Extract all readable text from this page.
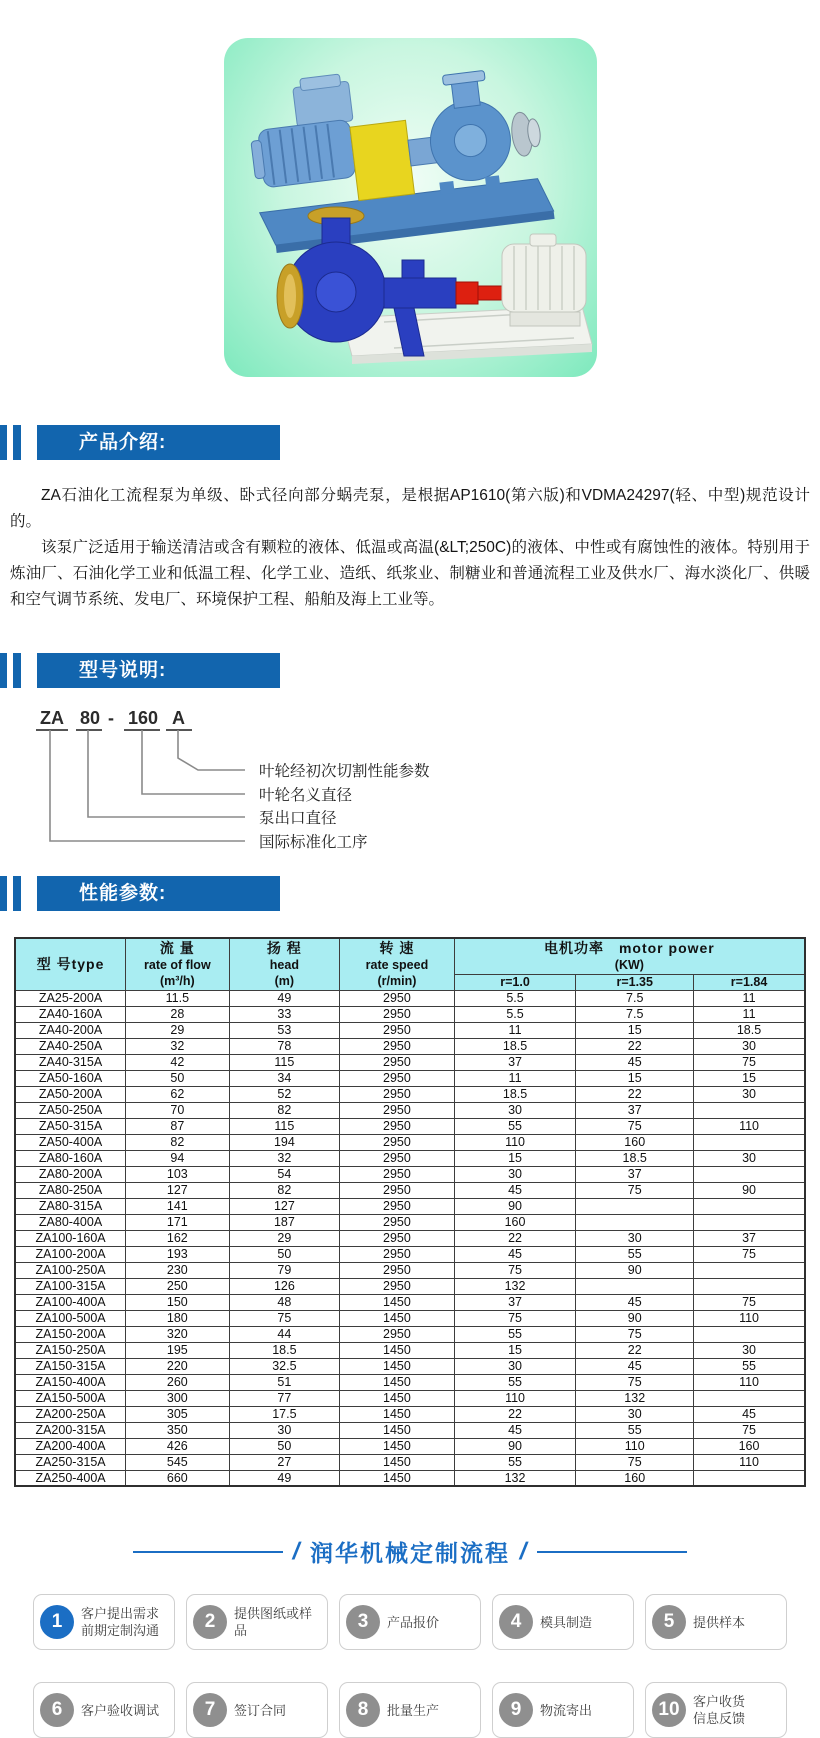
产品介绍:

ZA石油化工流程泵为单级、卧式径向部分蜗壳泵，是根据AP1610(第六版)和VDMA24297(轻、中型)规范设计的。

该泵广泛适用于输送清洁或含有颗粒的液体、低温或高温(&LT;250C)的液体、中性或有腐蚀性的液体。特别用于炼油厂、石油化学工业和低温工程、化学工业、造纸、纸浆业、制糖业和普通流程工业及供水厂、海水淡化厂、供暖和空气调节系统、发电厂、环境保护工程、船舶及海上工业等。

型号说明:
ZA 80 - 160 A
叶轮经初次切割性能参数
叶轮名义直径
泵出口直径
国际标准化工序
性能参数:
型 号type	流 量
rate of flow
(m³/h)	扬 程
head
(m)	转 速
rate speed
(r/min)	电机功率　motor power
(KW)		

				r=1.0	r=1.35	r=1.84
ZA25-200A	11.5	49	2950	5.5	7.5	11
ZA40-160A	28	33	2950	5.5	7.5	11
ZA40-200A	29	53	2950	11	15	18.5
ZA40-250A	32	78	2950	18.5	22	30
ZA40-315A	42	115	2950	37	45	75
ZA50-160A	50	34	2950	11	15	15
ZA50-200A	62	52	2950	18.5	22	30
ZA50-250A	70	82	2950	30	37	
ZA50-315A	87	115	2950	55	75	110
ZA50-400A	82	194	2950	110	160	
ZA80-160A	94	32	2950	15	18.5	30
ZA80-200A	103	54	2950	30	37	
ZA80-250A	127	82	2950	45	75	90
ZA80-315A	141	127	2950	90		
ZA80-400A	171	187	2950	160		
ZA100-160A	162	29	2950	22	30	37
ZA100-200A	193	50	2950	45	55	75
ZA100-250A	230	79	2950	75	90	
ZA100-315A	250	126	2950	132		
ZA100-400A	150	48	1450	37	45	75
ZA100-500A	180	75	1450	75	90	110
ZA150-200A	320	44	2950	55	75	
ZA150-250A	195	18.5	1450	15	22	30
ZA150-315A	220	32.5	1450	30	45	55
ZA150-400A	260	51	1450	55	75	110
ZA150-500A	300	77	1450	110	132	
ZA200-250A	305	17.5	1450	22	30	45
ZA200-315A	350	30	1450	45	55	75
ZA200-400A	426	50	1450	90	110	160
ZA250-315A	545	27	1450	55	75	110
ZA250-400A	660	49	1450	132	160	
/ 润华机械定制流程 /
1	客户提出需求
前期定制沟通	2	提供图纸或样品	3	产品报价	4	模具制造	5	提供样本
6	客户验收调试	7	签订合同	8	批量生产	9	物流寄出	10	客户收货
信息反馈
